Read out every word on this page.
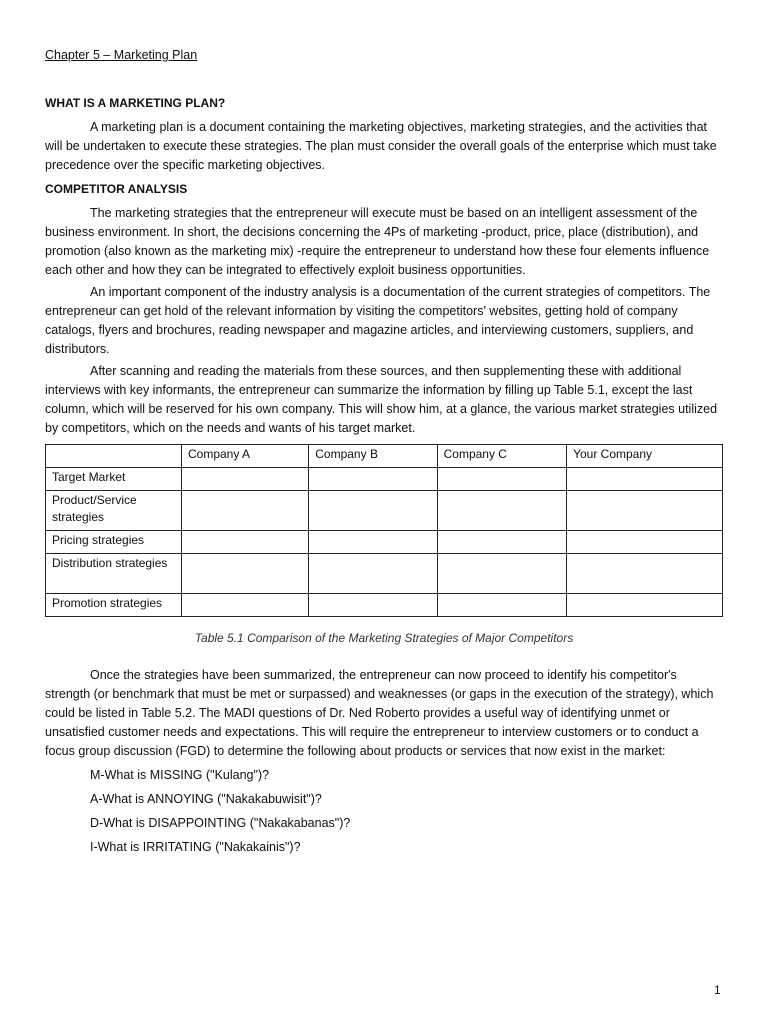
Chapter 5 – Marketing Plan
WHAT IS A MARKETING PLAN?

A marketing plan is a document containing the marketing objectives, marketing strategies, and the activities that will be undertaken to execute these strategies. The plan must consider the overall goals of the enterprise which must take precedence over the specific marketing objectives.

COMPETITOR ANALYSIS

The marketing strategies that the entrepreneur will execute must be based on an intelligent assessment of the business environment. In short, the decisions concerning the 4Ps of marketing -product, price, place (distribution), and promotion (also known as the marketing mix) -require the entrepreneur to understand how these four elements influence each other and how they can be integrated to effectively exploit business opportunities.

An important component of the industry analysis is a documentation of the current strategies of competitors. The entrepreneur can get hold of the relevant information by visiting the competitors' websites, getting hold of company catalogs, flyers and brochures, reading newspaper and magazine articles, and interviewing customers, suppliers, and distributors.

After scanning and reading the materials from these sources, and then supplementing these with additional interviews with key informants, the entrepreneur can summarize the information by filling up Table 5.1, except the last column, which will be reserved for his own company. This will show him, at a glance, the various market strategies utilized by competitors, which on the needs and wants of his target market.

	Company A	Company B	Company C	Your Company
Target Market				
Product/Service strategies				
Pricing strategies				
Distribution strategies				
Promotion strategies				
Table 5.1 Comparison of the Marketing Strategies of Major Competitors

Once the strategies have been summarized, the entrepreneur can now proceed to identify his competitor's strength (or benchmark that must be met or surpassed) and weaknesses (or gaps in the execution of the strategy), which could be listed in Table 5.2. The MADI questions of Dr. Ned Roberto provides a useful way of identifying unmet or unsatisfied customer needs and expectations. This will require the entrepreneur to interview customers or to conduct a focus group discussion (FGD) to determine the following about products or services that now exist in the market:

M-What is MISSING ("Kulang")?
A-What is ANNOYING ("Nakakabuwisit")?
D-What is DISAPPOINTING ("Nakakabanas")?
I-What is IRRITATING ("Nakakainis")?
1
